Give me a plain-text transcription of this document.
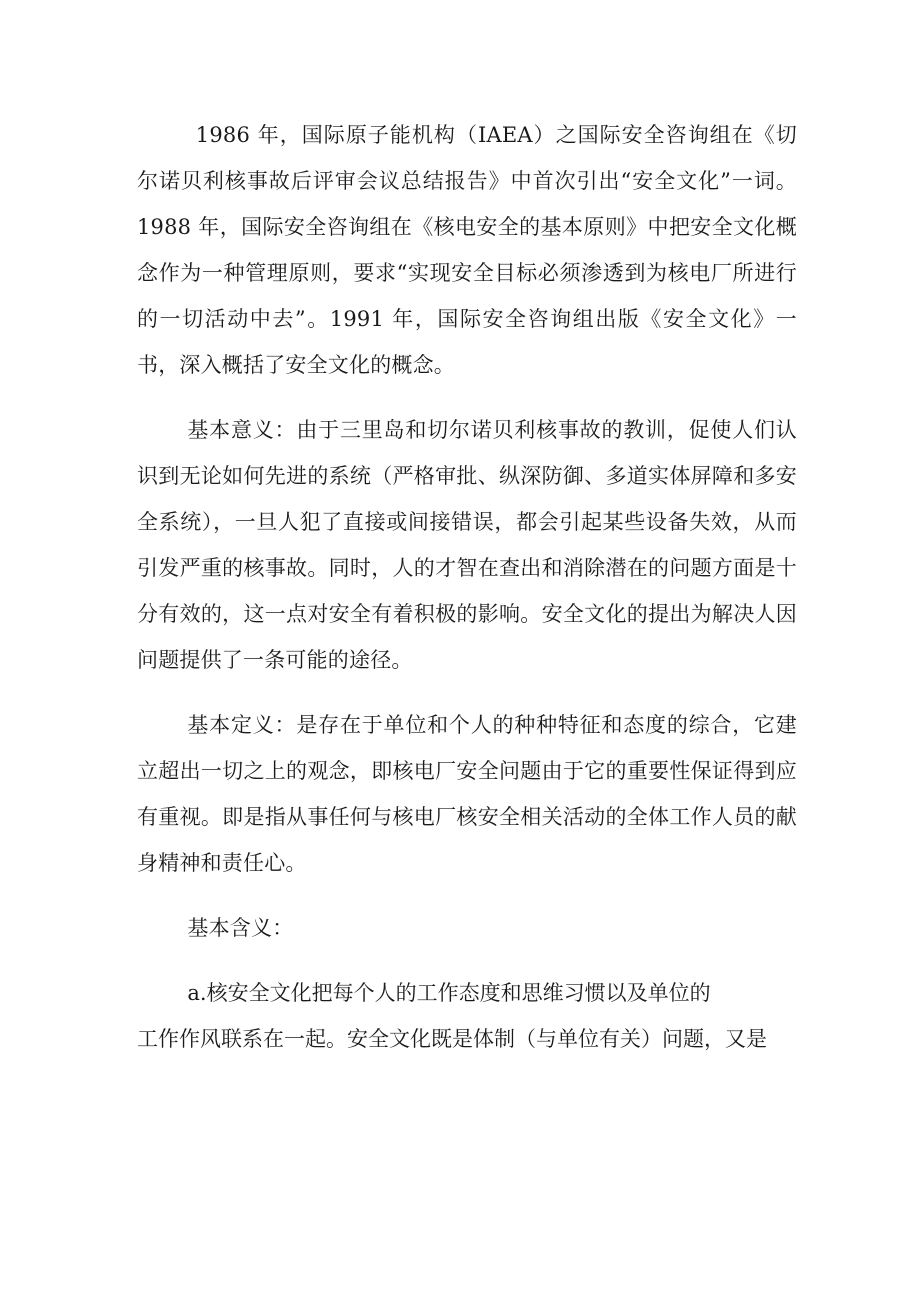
1986 年，国际原子能机构（IAEA）之国际安全咨询组在《切尔诺贝利核事故后评审会议总结报告》中首次引出“安全文化”一词。1988 年，国际安全咨询组在《核电安全的基本原则》中把安全文化概念作为一种管理原则，要求“实现安全目标必须渗透到为核电厂所进行的一切活动中去”。1991 年，国际安全咨询组出版《安全文化》一书，深入概括了安全文化的概念。

基本意义：由于三里岛和切尔诺贝利核事故的教训，促使人们认识到无论如何先进的系统（严格审批、纵深防御、多道实体屏障和多安全系统），一旦人犯了直接或间接错误，都会引起某些设备失效，从而引发严重的核事故。同时，人的才智在查出和消除潜在的问题方面是十分有效的，这一点对安全有着积极的影响。安全文化的提出为解决人因问题提供了一条可能的途径。

基本定义：是存在于单位和个人的种种特征和态度的综合，它建立超出一切之上的观念，即核电厂安全问题由于它的重要性保证得到应有重视。即是指从事任何与核电厂核安全相关活动的全体工作人员的献身精神和责任心。

基本含义：

a.核安全文化把每个人的工作态度和思维习惯以及单位的

工作作风联系在一起。安全文化既是体制（与单位有关）问题，又是
